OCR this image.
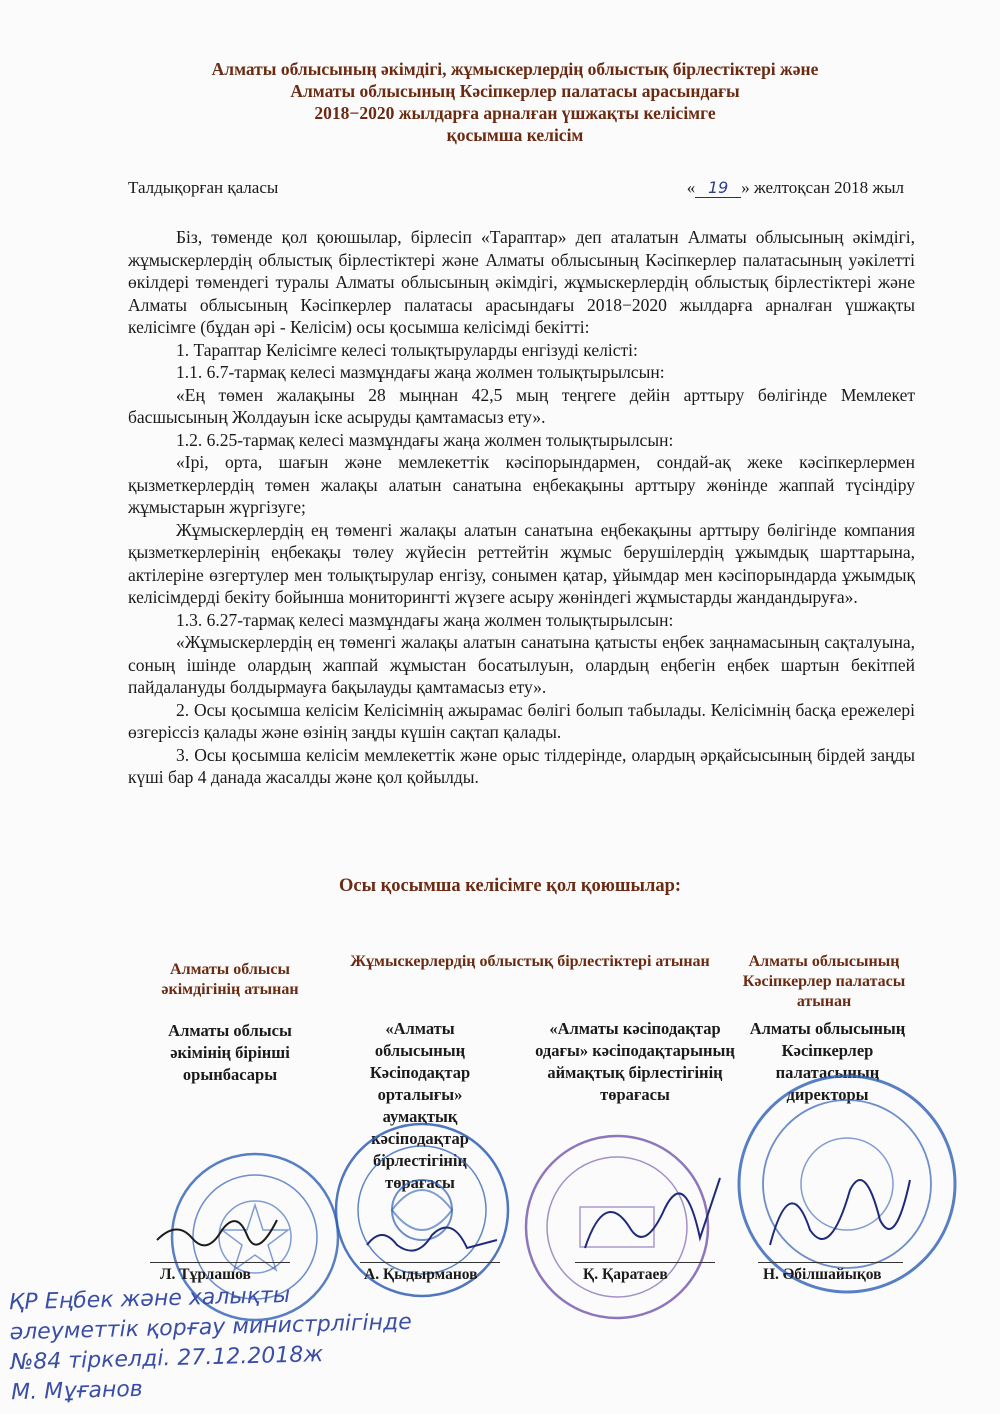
Алматы облысының әкімдігі, жұмыскерлердің облыстық бірлестіктері және
Алматы облысының Кәсіпкерлер палатасы арасындағы
2018−2020 жылдарға арналған үшжақты келісімге
қосымша келісім
Талдықорған қаласы	« 19 » желтоқсан 2018 жыл

Біз, төменде қол қоюшылар, бірлесіп «Тараптар» деп аталатын Алматы облысының әкімдігі, жұмыскерлердің облыстық бірлестіктері және Алматы облысының Кәсіпкерлер палатасының уәкілетті өкілдері төмендегі туралы Алматы облысының әкімдігі, жұмыскерлердің облыстық бірлестіктері және Алматы облысының Кәсіпкерлер палатасы арасындағы 2018−2020 жылдарға арналған үшжақты келісімге (бұдан әрі - Келісім) осы қосымша келісімді бекітті:

1. Тараптар Келісімге келесі толықтыруларды енгізуді келісті:

1.1. 6.7-тармақ келесі мазмұндағы жаңа жолмен толықтырылсын:

«Ең төмен жалақыны 28 мыңнан 42,5 мың теңгеге дейін арттыру бөлігінде Мемлекет басшысының Жолдауын іске асыруды қамтамасыз ету».

1.2. 6.25-тармақ келесі мазмұндағы жаңа жолмен толықтырылсын:

«Ірі, орта, шағын және мемлекеттік кәсіпорындармен, сондай-ақ жеке кәсіпкерлермен қызметкерлердің төмен жалақы алатын санатына еңбекақыны арттыру жөнінде жаппай түсіндіру жұмыстарын жүргізуге;

Жұмыскерлердің ең төменгі жалақы алатын санатына еңбекақыны арттыру бөлігінде компания қызметкерлерінің еңбекақы төлеу жүйесін реттейтін жұмыс берушілердің ұжымдық шарттарына, актілеріне өзгертулер мен толықтырулар енгізу, сонымен қатар, ұйымдар мен кәсіпорындарда ұжымдық келісімдерді бекіту бойынша мониторингті жүзеге асыру жөніндегі жұмыстарды жандандыруға».

1.3. 6.27-тармақ келесі мазмұндағы жаңа жолмен толықтырылсын:

«Жұмыскерлердің ең төменгі жалақы алатын санатына қатысты еңбек заңнамасының сақталуына, соның ішінде олардың жаппай жұмыстан босатылуын, олардың еңбегін еңбек шартын бекітпей пайдалануды болдырмауға бақылауды қамтамасыз ету».

2. Осы қосымша келісім Келісімнің ажырамас бөлігі болып табылады. Келісімнің басқа ережелері өзгеріссіз қалады және өзінің заңды күшін сақтап қалады.

3. Осы қосымша келісім мемлекеттік және орыс тілдерінде, олардың әрқайсысының бірдей заңды күші бар 4 данада жасалды және қол қойылды.

Осы қосымша келісімге қол қоюшылар:
Алматы облысы әкімдігінің атынан
Жұмыскерлердің облыстық бірлестіктері атынан	Алматы облысының Кәсіпкерлер палатасы атынан
Алматы облысы әкімінің бірінші орынбасары
«Алматы облысының Кәсіподақтар орталығы» аумақтық кәсіподақтар бірлестігінің төрағасы
«Алматы кәсіподақтар одағы» кәсіподақтарының аймақтық бірлестігінің төрағасы
Алматы облысының Кәсіпкерлер палатасының директоры
Л. Тұрлашов	А. Қыдырманов	Қ. Қаратаев	Н. Әбілшайықов
ҚР Еңбек және халықты
әлеуметтік қорғау министрлігінде
№84 тіркелді. 27.12.2018ж
М. Мұғанов
